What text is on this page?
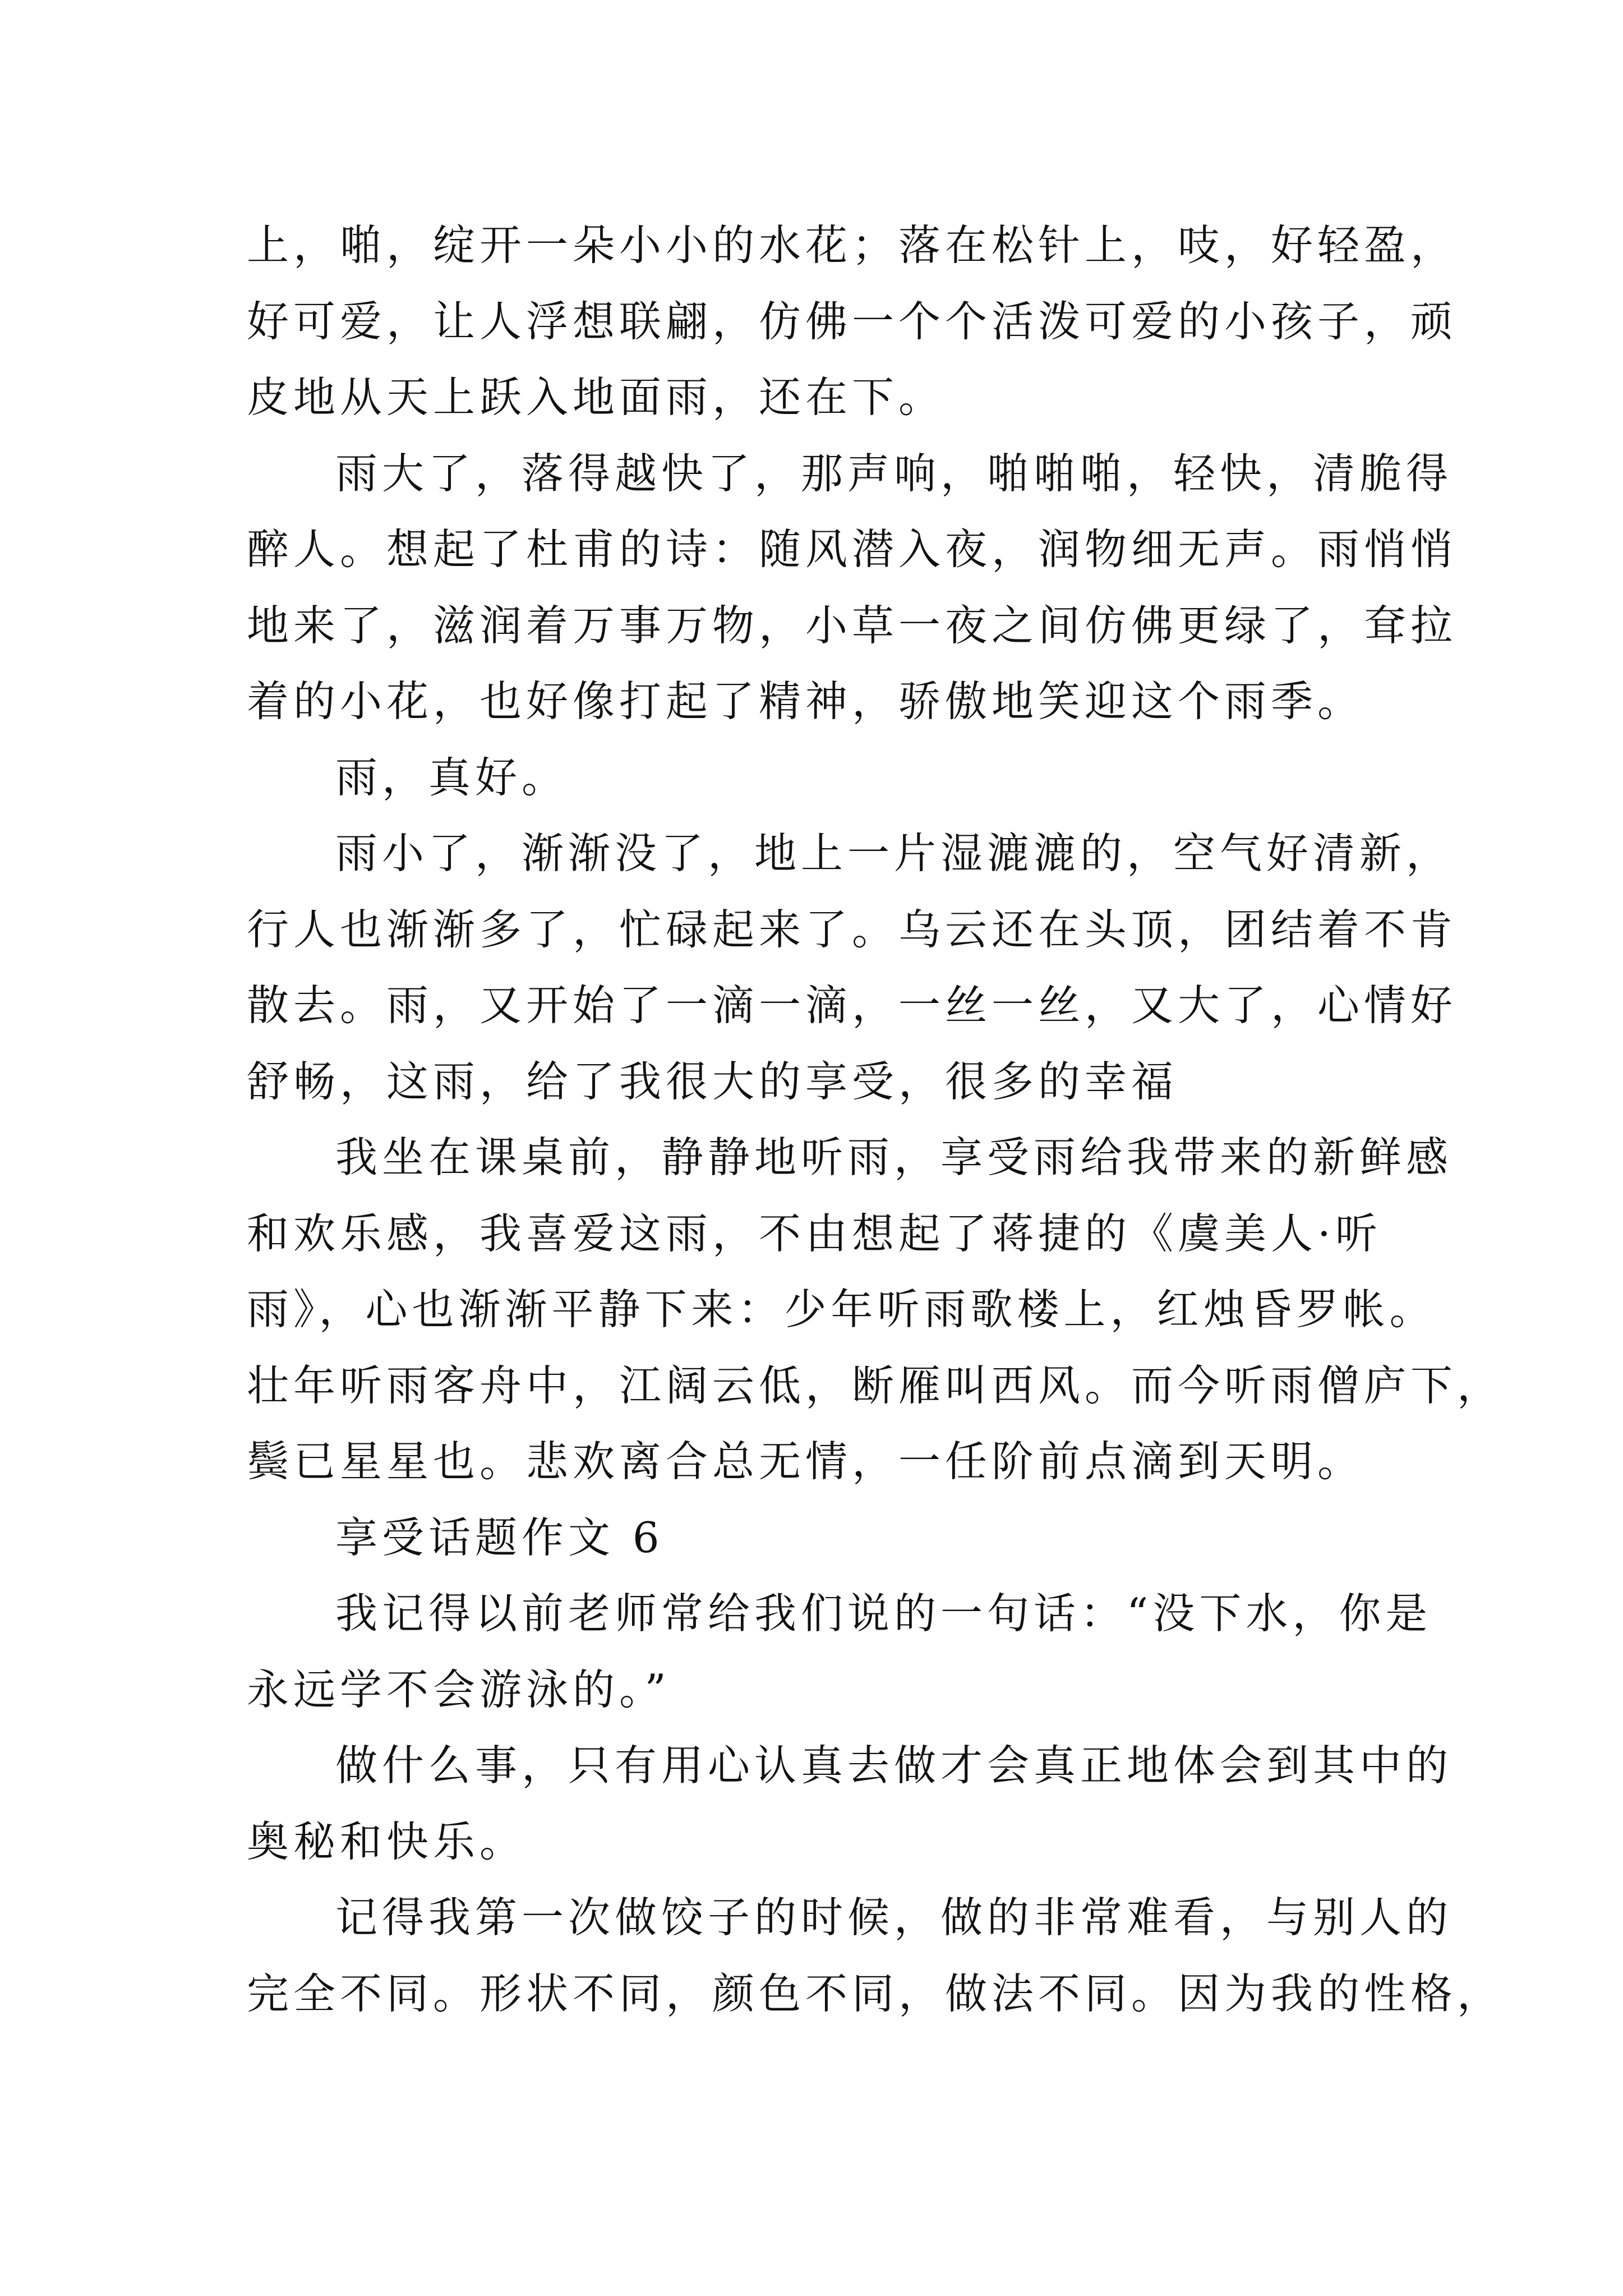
上，啪，绽开一朵小小的水花；落在松针上，吱，好轻盈，
好可爱，让人浮想联翩，仿佛一个个活泼可爱的小孩子，顽
皮地从天上跃入地面雨，还在下。
雨大了，落得越快了，那声响，啪啪啪，轻快，清脆得
醉人。想起了杜甫的诗：随风潜入夜，润物细无声。雨悄悄
地来了，滋润着万事万物，小草一夜之间仿佛更绿了，耷拉
着的小花，也好像打起了精神，骄傲地笑迎这个雨季。
雨，真好。
雨小了，渐渐没了，地上一片湿漉漉的，空气好清新，
行人也渐渐多了，忙碌起来了。乌云还在头顶，团结着不肯
散去。雨，又开始了一滴一滴，一丝一丝，又大了，心情好
舒畅，这雨，给了我很大的享受，很多的幸福
我坐在课桌前，静静地听雨，享受雨给我带来的新鲜感
和欢乐感，我喜爱这雨，不由想起了蒋捷的《虞美人·听
雨》，心也渐渐平静下来：少年听雨歌楼上，红烛昏罗帐。
壮年听雨客舟中，江阔云低，断雁叫西风。而今听雨僧庐下，
鬓已星星也。悲欢离合总无情，一任阶前点滴到天明。
享受话题作文 6
我记得以前老师常给我们说的一句话：“没下水，你是
永远学不会游泳的。”
做什么事，只有用心认真去做才会真正地体会到其中的
奥秘和快乐。
记得我第一次做饺子的时候，做的非常难看，与别人的
完全不同。形状不同，颜色不同，做法不同。因为我的性格，
